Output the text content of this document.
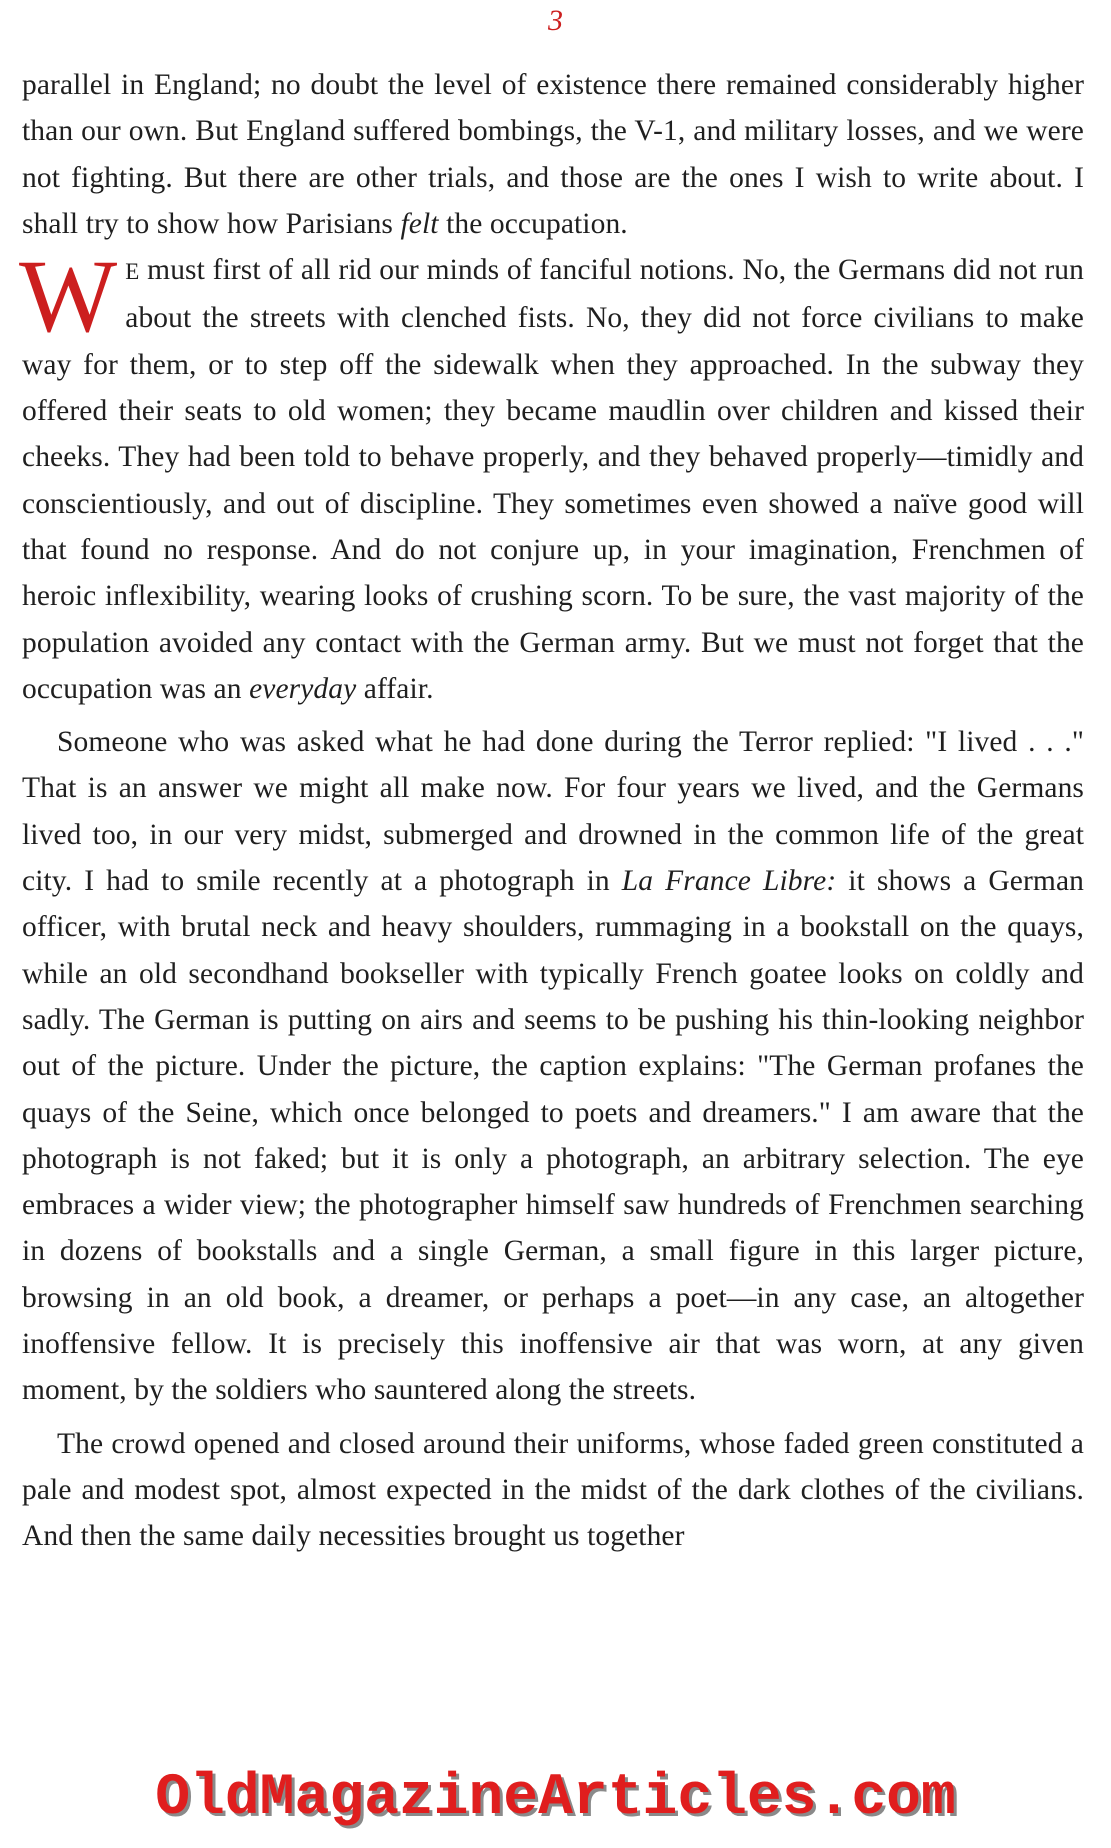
3

parallel in England; no doubt the level of existence there remained considerably higher than our own. But England suffered bombings, the V-1, and military losses, and we were not fighting. But there are other trials, and those are the ones I wish to write about. I shall try to show how Parisians felt the occupation.

WE must first of all rid our minds of fanciful notions. No, the Germans did not run about the streets with clenched fists. No, they did not force civilians to make way for them, or to step off the sidewalk when they approached. In the subway they offered their seats to old women; they became maudlin over children and kissed their cheeks. They had been told to behave properly, and they behaved properly—timidly and conscientiously, and out of discipline. They sometimes even showed a naïve good will that found no response. And do not conjure up, in your imagination, Frenchmen of heroic inflexibility, wearing looks of crushing scorn. To be sure, the vast majority of the population avoided any contact with the German army. But we must not forget that the occupation was an everyday affair.

Someone who was asked what he had done during the Terror replied: "I lived . . ." That is an answer we might all make now. For four years we lived, and the Germans lived too, in our very midst, submerged and drowned in the common life of the great city. I had to smile recently at a photograph in La France Libre: it shows a German officer, with brutal neck and heavy shoulders, rummaging in a bookstall on the quays, while an old secondhand bookseller with typically French goatee looks on coldly and sadly. The German is putting on airs and seems to be pushing his thin-looking neighbor out of the picture. Under the picture, the caption explains: "The German profanes the quays of the Seine, which once belonged to poets and dreamers." I am aware that the photograph is not faked; but it is only a photograph, an arbitrary selection. The eye embraces a wider view; the photographer himself saw hundreds of Frenchmen searching in dozens of bookstalls and a single German, a small figure in this larger picture, browsing in an old book, a dreamer, or perhaps a poet—in any case, an altogether inoffensive fellow. It is precisely this inoffensive air that was worn, at any given moment, by the soldiers who sauntered along the streets.

The crowd opened and closed around their uniforms, whose faded green constituted a pale and modest spot, almost expected in the midst of the dark clothes of the civilians. And then the same daily necessities brought us together

OldMagazineArticles.com
